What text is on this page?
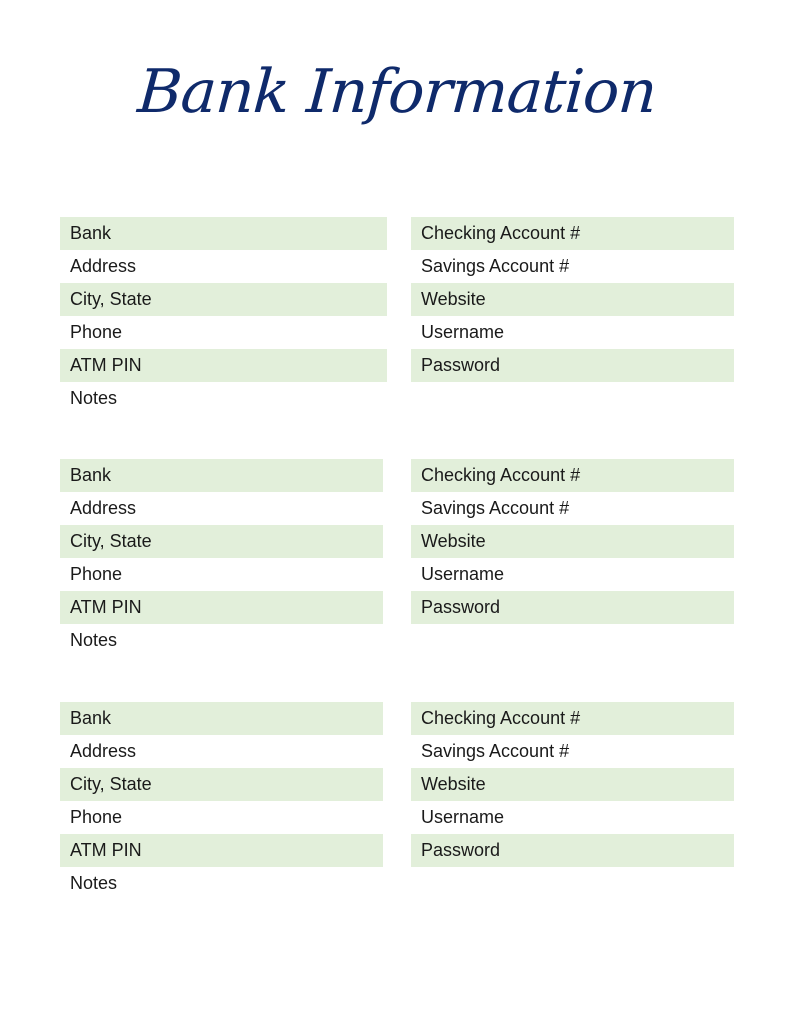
Bank Information
Bank
Address
City, State
Phone
ATM PIN
Notes
Checking Account #
Savings Account #
Website
Username
Password
Bank
Address
City, State
Phone
ATM PIN
Notes
Checking Account #
Savings Account #
Website
Username
Password
Bank
Address
City, State
Phone
ATM PIN
Notes
Checking Account #
Savings Account #
Website
Username
Password
